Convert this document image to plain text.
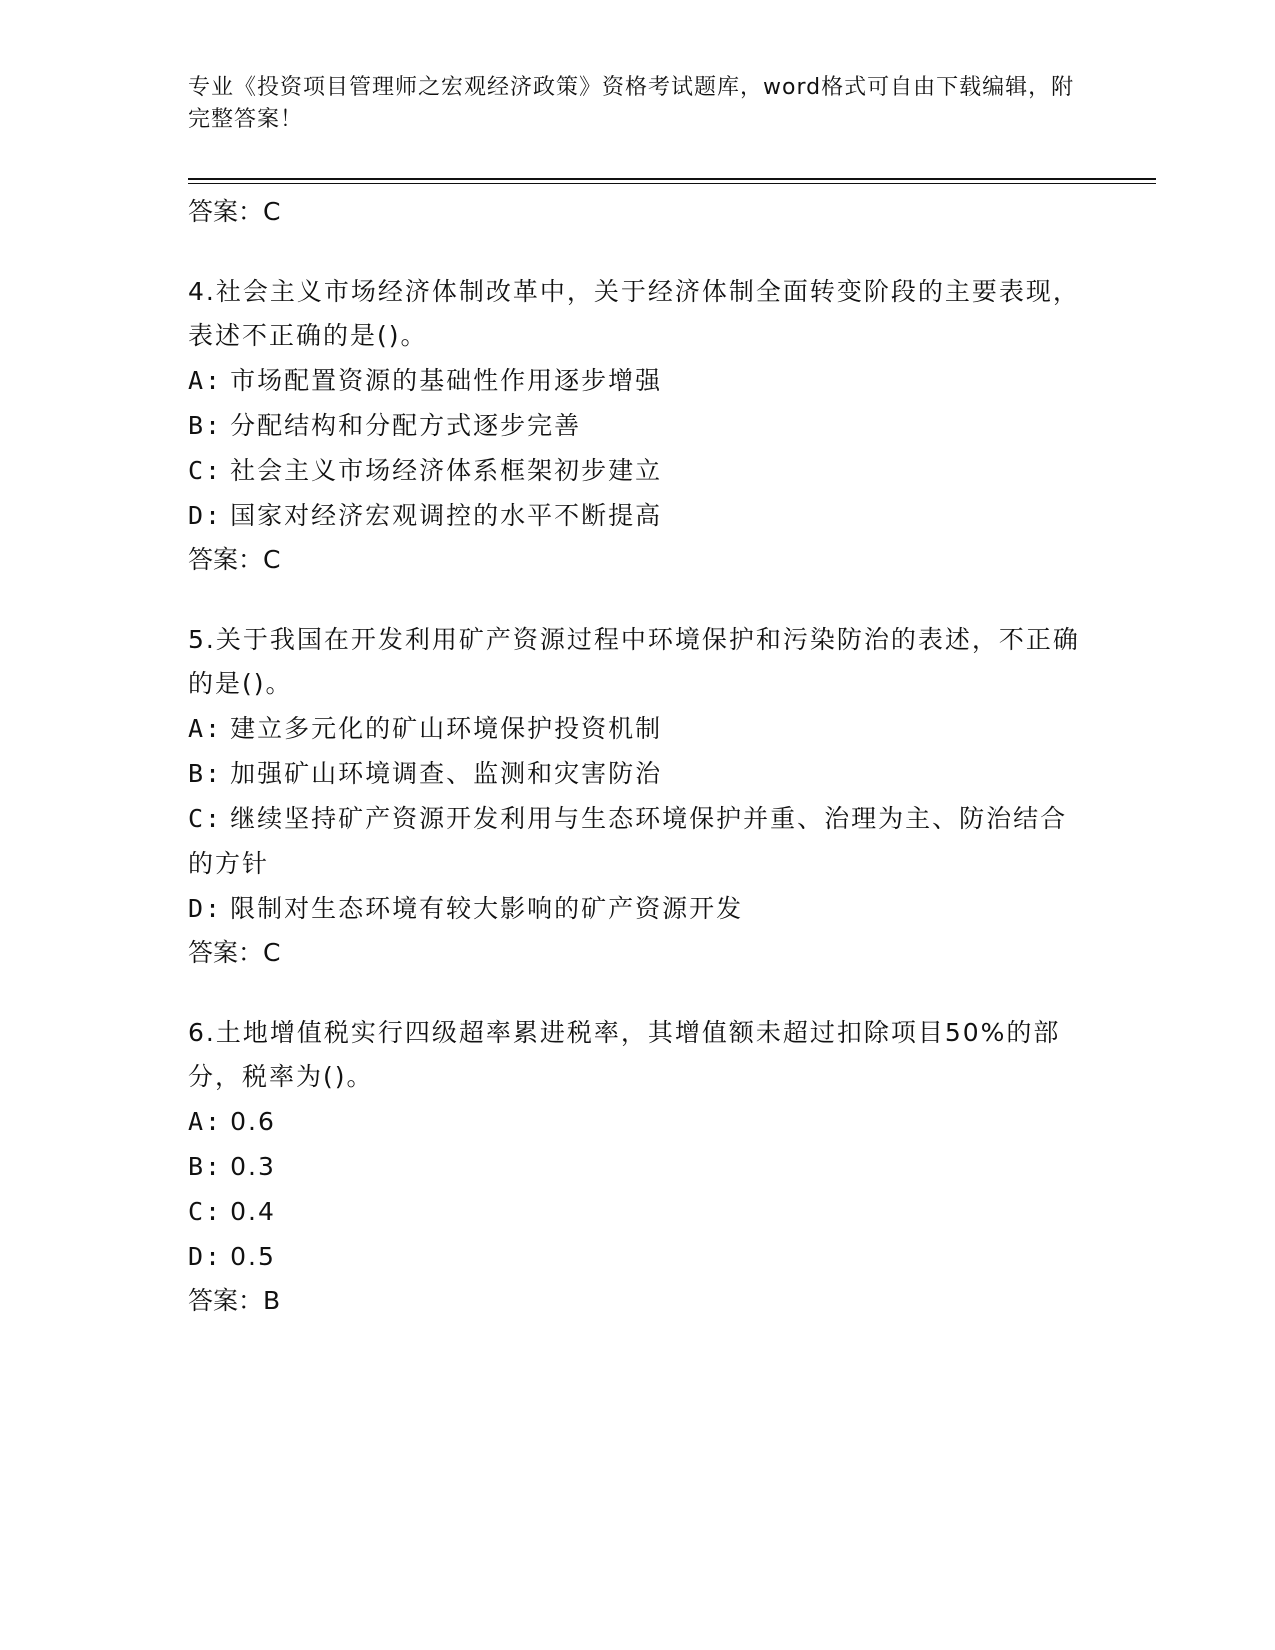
专业《投资项目管理师之宏观经济政策》资格考试题库，word格式可自由下载编辑，附完整答案！

答案：C

4.社会主义市场经济体制改革中，关于经济体制全面转变阶段的主要表现，表述不正确的是()。

A: 市场配置资源的基础性作用逐步增强

B: 分配结构和分配方式逐步完善

C: 社会主义市场经济体系框架初步建立

D: 国家对经济宏观调控的水平不断提高

答案：C

5.关于我国在开发利用矿产资源过程中环境保护和污染防治的表述，不正确的是()。

A: 建立多元化的矿山环境保护投资机制

B: 加强矿山环境调查、监测和灾害防治

C: 继续坚持矿产资源开发利用与生态环境保护并重、治理为主、防治结合的方针

D: 限制对生态环境有较大影响的矿产资源开发

答案：C

6.土地增值税实行四级超率累进税率，其增值额未超过扣除项目50%的部分，税率为()。

A: 0.6

B: 0.3

C: 0.4

D: 0.5

答案：B
